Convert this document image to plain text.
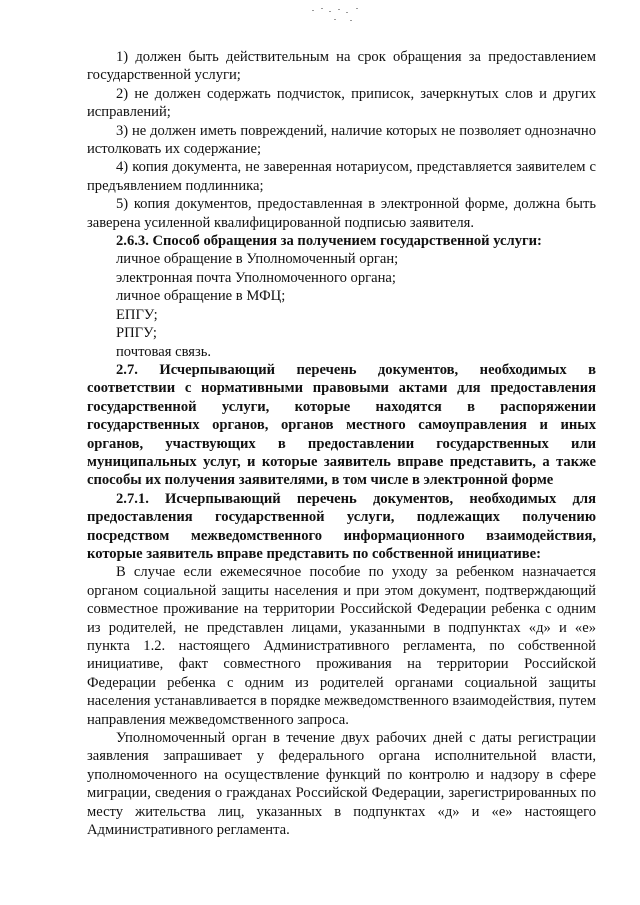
1) должен быть действительным на срок обращения за предоставлением государственной услуги;

2) не должен содержать подчисток, приписок, зачеркнутых слов и других исправлений;

3) не должен иметь повреждений, наличие которых не позволяет однозначно истолковать их содержание;

4) копия документа, не заверенная нотариусом, представляется заявителем с предъявлением подлинника;

5) копия документов, предоставленная в электронной форме, должна быть заверена усиленной квалифицированной подписью заявителя.

2.6.3. Способ обращения за получением государственной услуги:

личное обращение в Уполномоченный орган;

электронная почта Уполномоченного органа;

личное обращение в МФЦ;

ЕПГУ;

РПГУ;

почтовая связь.

2.7. Исчерпывающий перечень документов, необходимых в соответствии с нормативными правовыми актами для предоставления государственной услуги, которые находятся в распоряжении государственных органов, органов местного самоуправления и иных органов, участвующих в предоставлении государственных или муниципальных услуг, и которые заявитель вправе представить, а также способы их получения заявителями, в том числе в электронной форме

2.7.1. Исчерпывающий перечень документов, необходимых для предоставления государственной услуги, подлежащих получению посредством межведомственного информационного взаимодействия, которые заявитель вправе представить по собственной инициативе:

В случае если ежемесячное пособие по уходу за ребенком назначается органом социальной защиты населения и при этом документ, подтверждающий совместное проживание на территории Российской Федерации ребенка с одним из родителей, не представлен лицами, указанными в подпунктах «д» и «е» пункта 1.2. настоящего Административного регламента, по собственной инициативе, факт совместного проживания на территории Российской Федерации ребенка с одним из родителей органами социальной защиты населения устанавливается в порядке межведомственного взаимодействия, путем направления межведомственного запроса.

Уполномоченный орган в течение двух рабочих дней с даты регистрации заявления запрашивает у федерального органа исполнительной власти, уполномоченного на осуществление функций по контролю и надзору в сфере миграции, сведения о гражданах Российской Федерации, зарегистрированных по месту жительства лиц, указанных в подпунктах «д» и «е» настоящего Административного регламента.
